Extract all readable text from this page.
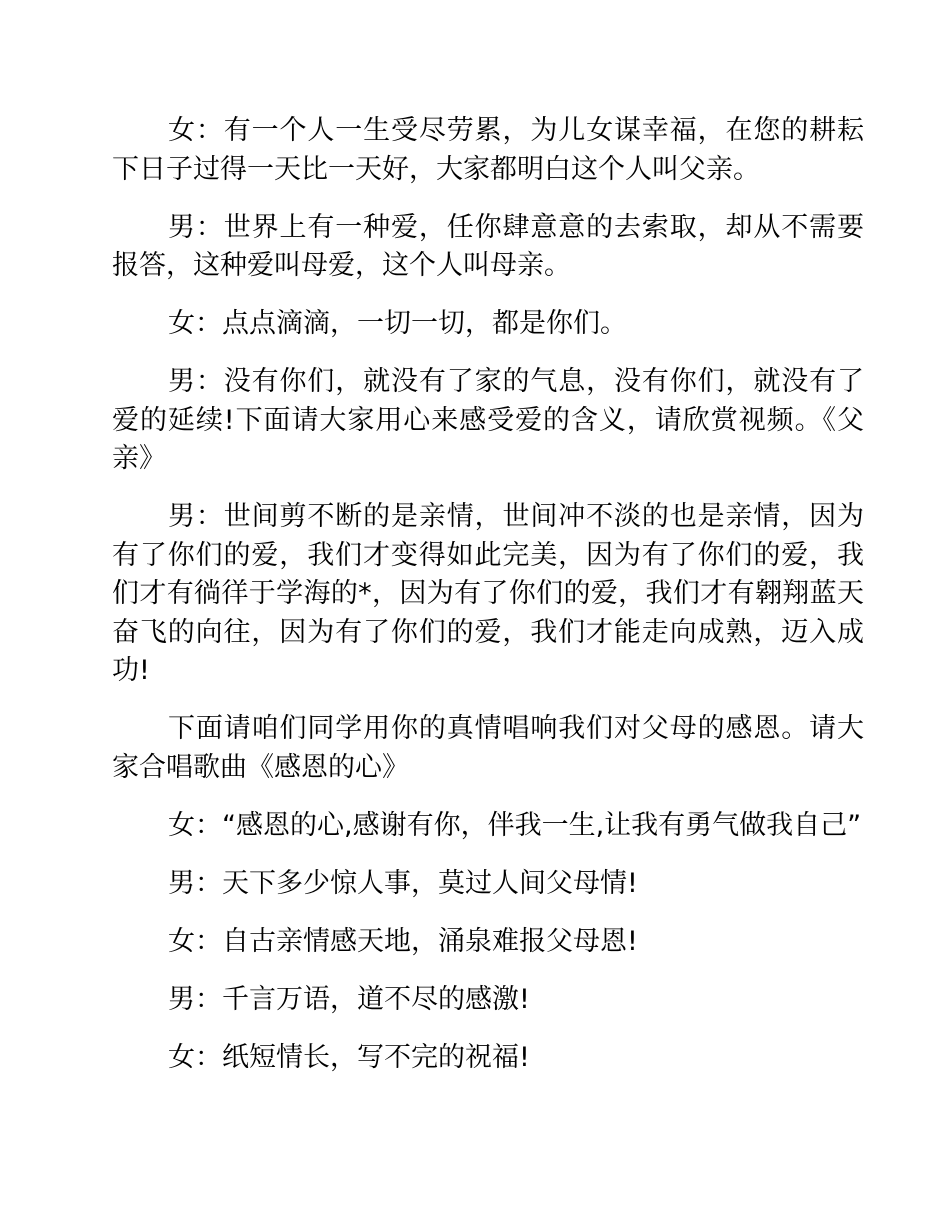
女：有一个人一生受尽劳累，为儿女谋幸福，在您的耕耘下日子过得一天比一天好，大家都明白这个人叫父亲。

男：世界上有一种爱，任你肆意意的去索取，却从不需要报答，这种爱叫母爱，这个人叫母亲。

女：点点滴滴，一切一切，都是你们。

男：没有你们，就没有了家的气息，没有你们，就没有了爱的延续!下面请大家用心来感受爱的含义，请欣赏视频。《父亲》

男：世间剪不断的是亲情，世间冲不淡的也是亲情，因为有了你们的爱，我们才变得如此完美，因为有了你们的爱，我们才有徜徉于学海的*，因为有了你们的爱，我们才有翱翔蓝天奋飞的向往，因为有了你们的爱，我们才能走向成熟，迈入成功!

下面请咱们同学用你的真情唱响我们对父母的感恩。请大家合唱歌曲《感恩的心》

女：“感恩的心,感谢有你，伴我一生,让我有勇气做我自己”

男：天下多少惊人事，莫过人间父母情!

女：自古亲情感天地，涌泉难报父母恩!

男：千言万语，道不尽的感激!

女：纸短情长，写不完的祝福!
